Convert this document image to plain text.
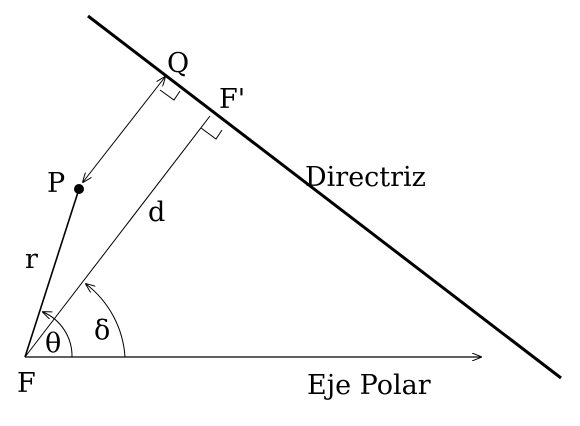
F
P
Q
F'
r
d
Directriz
Eje Polar
θ δ
